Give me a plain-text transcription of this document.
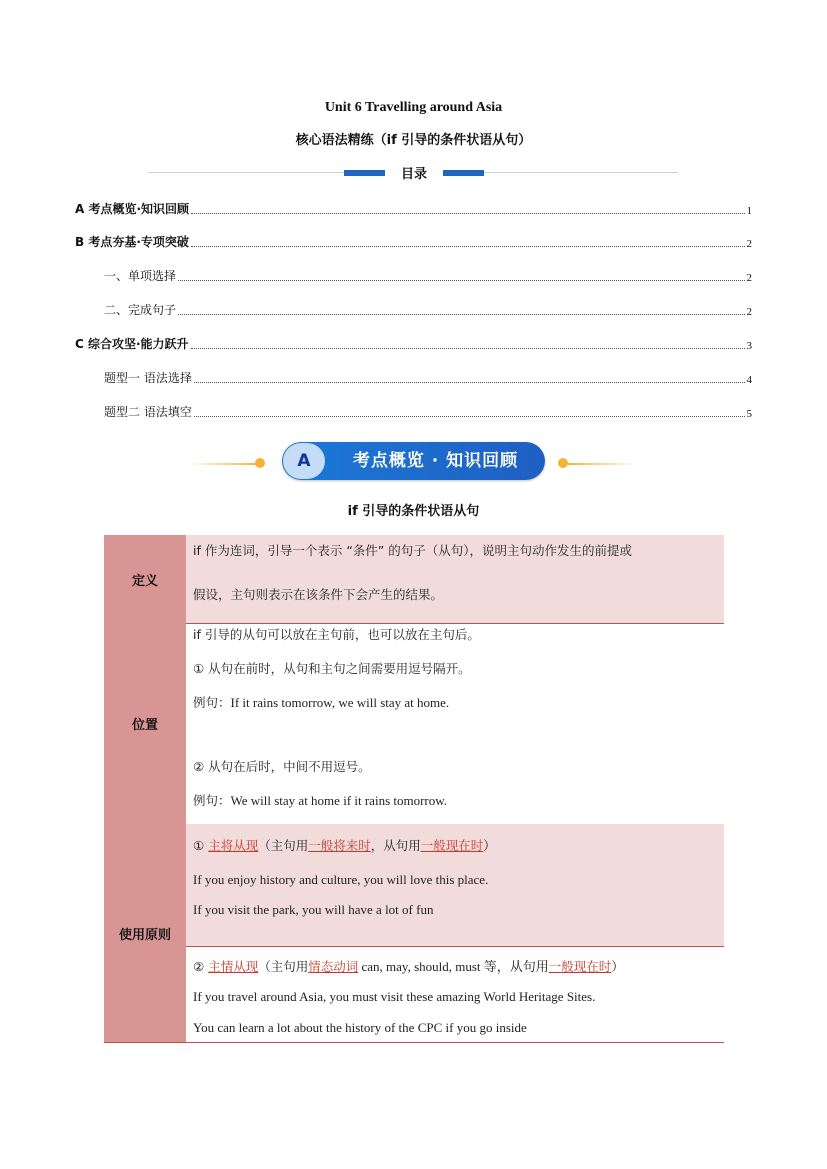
Unit 6 Travelling around Asia
核心语法精练（if 引导的条件状语从句）
目录
A 考点概览·知识回顾	1
B 考点夯基·专项突破	2
一、单项选择	2
二、完成句子	2
C 综合攻坚·能力跃升	3
题型一 语法选择	4
题型二 语法填空	5
A	考点概览 · 知识回顾
if 引导的条件状语从句
定义
if 作为连词，引导一个表示 “条件” 的句子（从句），说明主句动作发生的前提或
假设，主句则表示在该条件下会产生的结果。
位置
if 引导的从句可以放在主句前，也可以放在主句后。
① 从句在前时，从句和主句之间需要用逗号隔开。
例句：If it rains tomorrow, we will stay at home.
② 从句在后时，中间不用逗号。
例句：We will stay at home if it rains tomorrow.
使用原则
① 主将从现（主句用一般将来时，从句用一般现在时）
If you enjoy history and culture, you will love this place.
If you visit the park, you will have a lot of fun
② 主情从现（主句用情态动词 can, may, should, must 等，从句用一般现在时）
If you travel around Asia, you must visit these amazing World Heritage Sites.
You can learn a lot about the history of the CPC if you go inside
